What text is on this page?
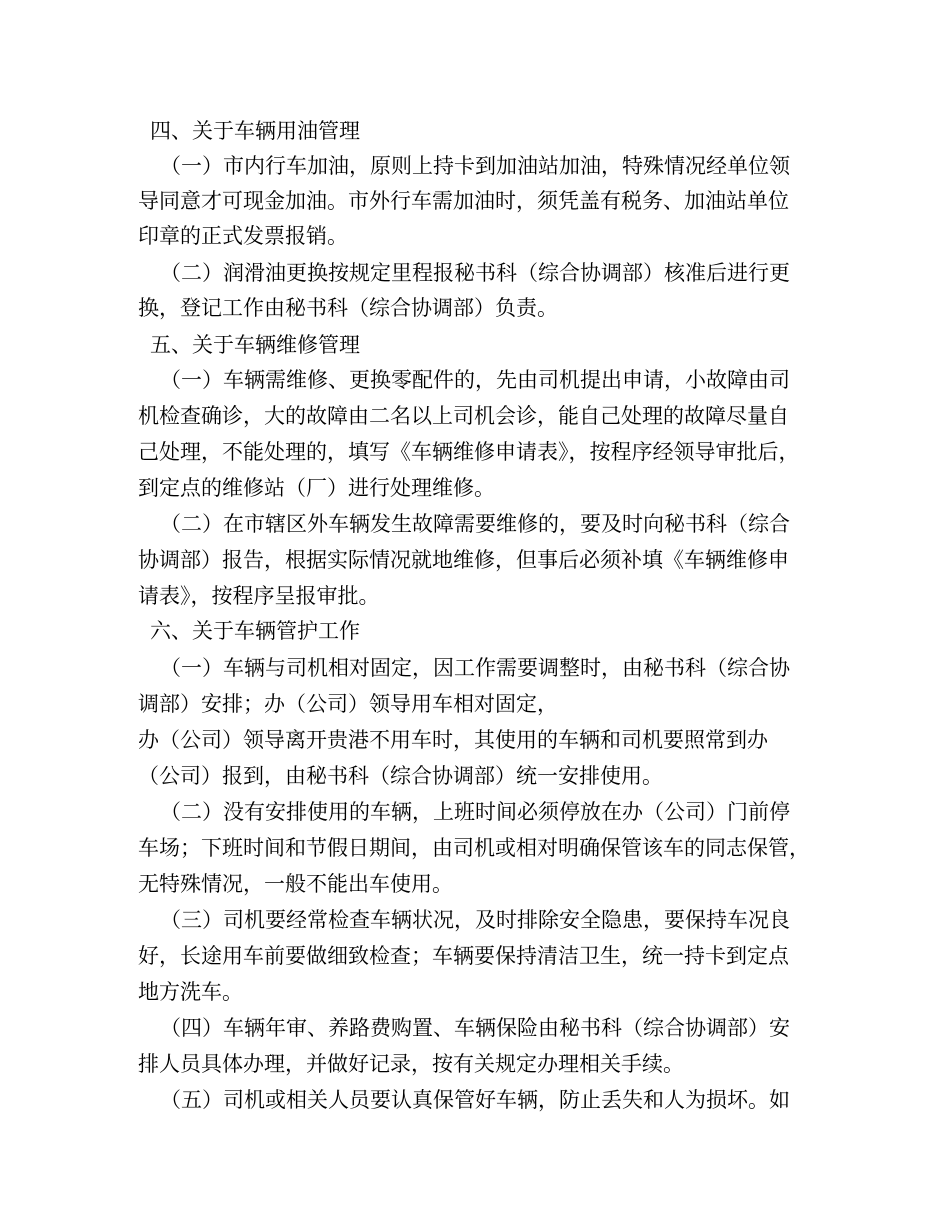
四、关于车辆用油管理
（一）市内行车加油，原则上持卡到加油站加油，特殊情况经单位领
导同意才可现金加油。市外行车需加油时，须凭盖有税务、加油站单位
印章的正式发票报销。
（二）润滑油更换按规定里程报秘书科（综合协调部）核准后进行更
换，登记工作由秘书科（综合协调部）负责。
五、关于车辆维修管理
（一）车辆需维修、更换零配件的，先由司机提出申请，小故障由司
机检查确诊，大的故障由二名以上司机会诊，能自己处理的故障尽量自
己处理，不能处理的，填写《车辆维修申请表》，按程序经领导审批后，
到定点的维修站（厂）进行处理维修。
（二）在市辖区外车辆发生故障需要维修的，要及时向秘书科（综合
协调部）报告，根据实际情况就地维修，但事后必须补填《车辆维修申
请表》，按程序呈报审批。
六、关于车辆管护工作
（一）车辆与司机相对固定，因工作需要调整时，由秘书科（综合协
调部）安排；办（公司）领导用车相对固定，
办（公司）领导离开贵港不用车时，其使用的车辆和司机要照常到办
（公司）报到，由秘书科（综合协调部）统一安排使用。
（二）没有安排使用的车辆，上班时间必须停放在办（公司）门前停
车场；下班时间和节假日期间，由司机或相对明确保管该车的同志保管，
无特殊情况，一般不能出车使用。
（三）司机要经常检查车辆状况，及时排除安全隐患，要保持车况良
好，长途用车前要做细致检查；车辆要保持清洁卫生，统一持卡到定点
地方洗车。
（四）车辆年审、养路费购置、车辆保险由秘书科（综合协调部）安
排人员具体办理，并做好记录，按有关规定办理相关手续。
（五）司机或相关人员要认真保管好车辆，防止丢失和人为损坏。如
